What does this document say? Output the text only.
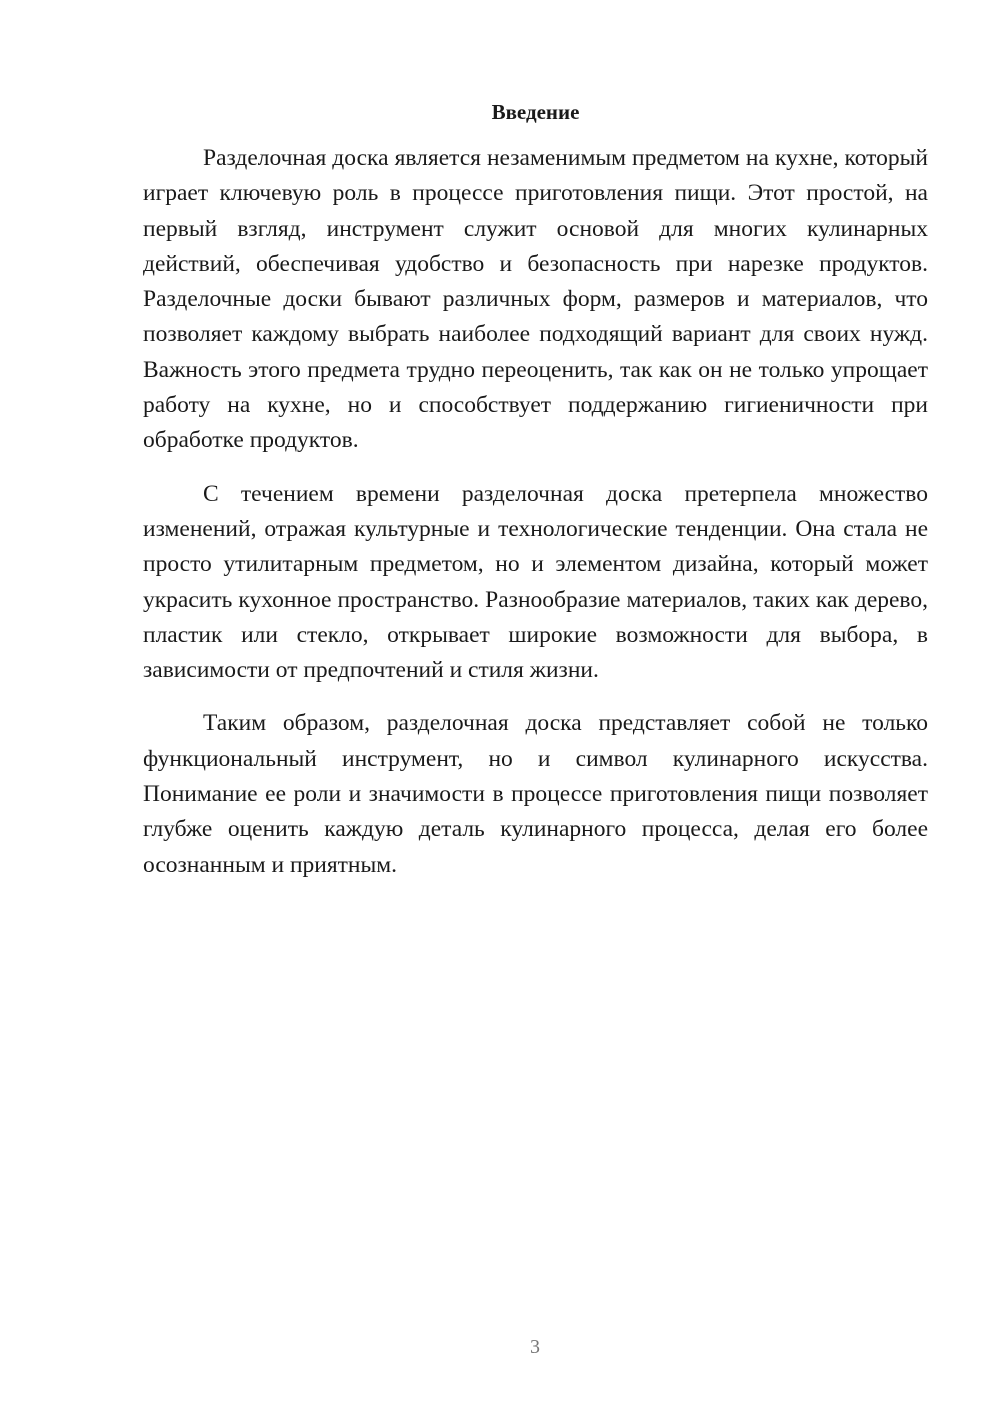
Введение

Разделочная доска является незаменимым предметом на кухне, который играет ключевую роль в процессе приготовления пищи. Этот простой, на первый взгляд, инструмент служит основой для многих кулинарных действий, обеспечивая удобство и безопасность при нарезке продуктов. Разделочные доски бывают различных форм, размеров и материалов, что позволяет каждому выбрать наиболее подходящий вариант для своих нужд. Важность этого предмета трудно переоценить, так как он не только упрощает работу на кухне, но и способствует поддержанию гигиеничности при обработке продуктов.

С течением времени разделочная доска претерпела множество изменений, отражая культурные и технологические тенденции. Она стала не просто утилитарным предметом, но и элементом дизайна, который может украсить кухонное пространство. Разнообразие материалов, таких как дерево, пластик или стекло, открывает широкие возможности для выбора, в зависимости от предпочтений и стиля жизни.

Таким образом, разделочная доска представляет собой не только функциональный инструмент, но и символ кулинарного искусства. Понимание ее роли и значимости в процессе приготовления пищи позволяет глубже оценить каждую деталь кулинарного процесса, делая его более осознанным и приятным.

3
